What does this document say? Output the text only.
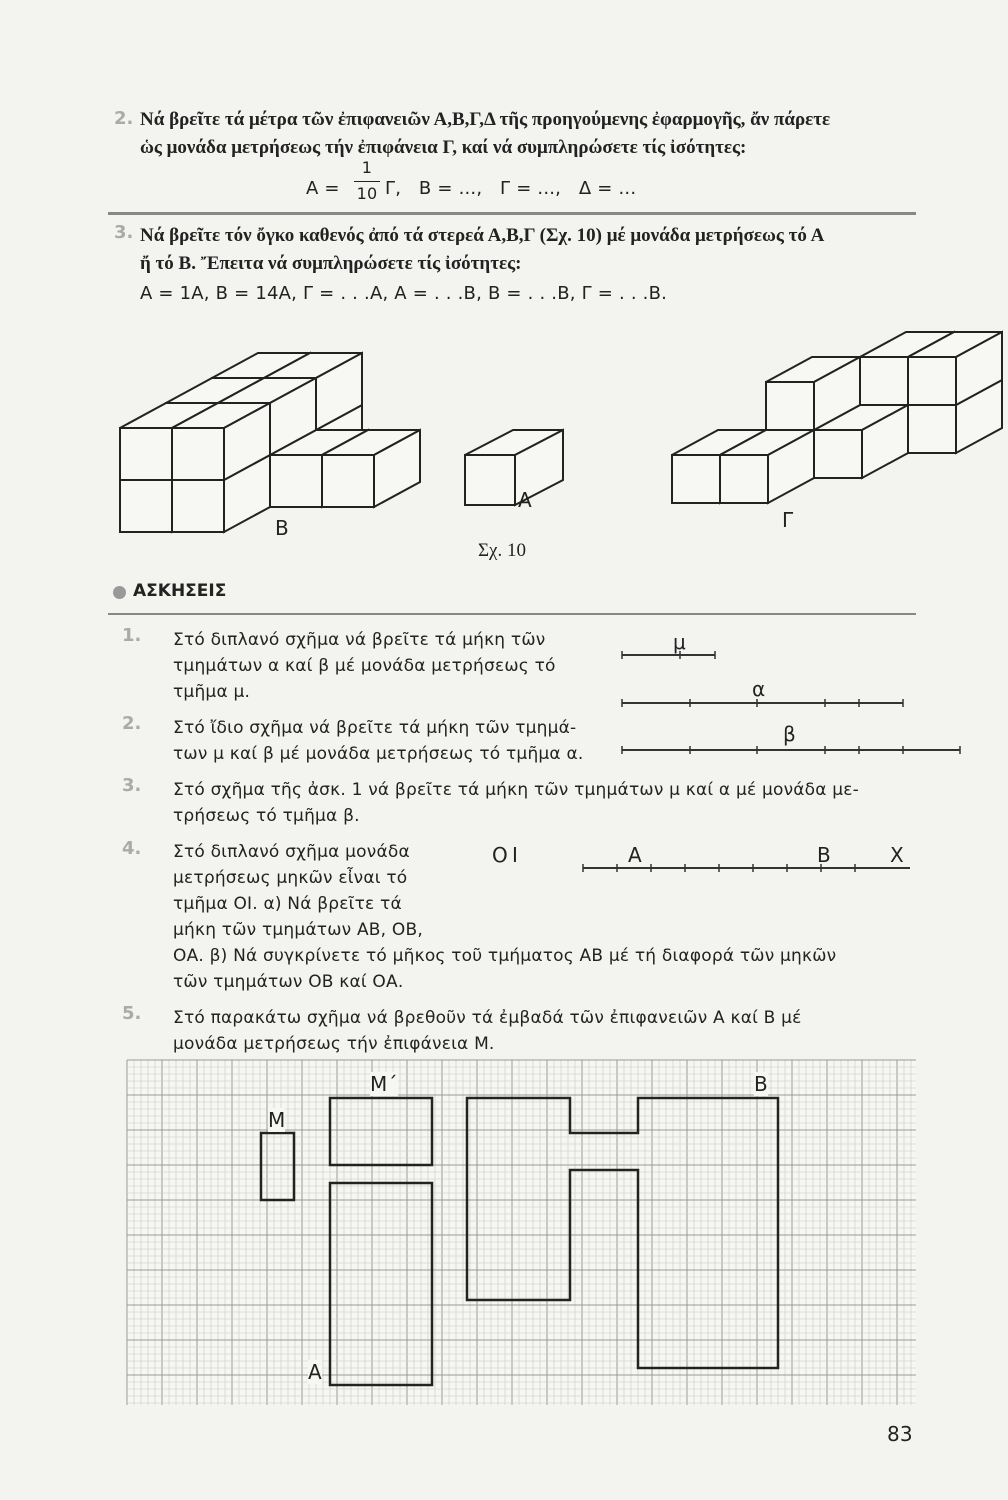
2. Νά βρεῖτε τά μέτρα τῶν ἐπιφανειῶν Α,Β,Γ,Δ τῆς προηγούμενης ἐφαρμογῆς, ἄν πάρετε
ὡς μονάδα μετρήσεως τήν ἐπιφάνεια Γ, καί νά συμπληρώσετε τίς ἰσότητες:
Α =
1
10 Γ,   Β = ...,   Γ = ...,   Δ = ...
3. Νά βρεῖτε τόν ὄγκο καθενός ἀπό τά στερεά Α,Β,Γ (Σχ. 10) μέ μονάδα μετρήσεως τό Α
ἤ τό Β. Ἔπειτα νά συμπληρώσετε τίς ἰσότητες:
Α = 1Α, Β = 14Α, Γ = . . .Α, Α = . . .Β, Β = . . .Β, Γ = . . .Β.
Β
Α
Γ
Σχ. 10
ΑΣΚΗΣΕΙΣ
1. Στό διπλανό σχῆμα νά βρεῖτε τά μήκη τῶν
τμημάτων α καί β μέ μονάδα μετρήσεως τό
τμῆμα μ.
2. Στό ἴδιο σχῆμα νά βρεῖτε τά μήκη τῶν τμημά-
των μ καί β μέ μονάδα μετρήσεως τό τμῆμα α.
3. Στό σχῆμα τῆς ἀσκ. 1 νά βρεῖτε τά μήκη τῶν τμημάτων μ καί α μέ μονάδα με-
τρήσεως τό τμῆμα β.
4. Στό διπλανό σχῆμα μονάδα
μετρήσεως μηκῶν εἶναι τό
τμῆμα ΟΙ. α) Νά βρεῖτε τά
μήκη τῶν τμημάτων ΑΒ, ΟΒ,
ΟΑ. β) Νά συγκρίνετε τό μῆκος τοῦ τμήματος ΑΒ μέ τή διαφορά τῶν μηκῶν
τῶν τμημάτων ΟΒ καί ΟΑ.
5. Στό παρακάτω σχῆμα νά βρεθοῦν τά ἐμβαδά τῶν ἐπιφανειῶν Α καί Β μέ
μονάδα μετρήσεως τήν ἐπιφάνεια Μ.
μ
α
β
Ο Ι	Α	Β	Χ
Μ
Μ΄
Α
Β
83
